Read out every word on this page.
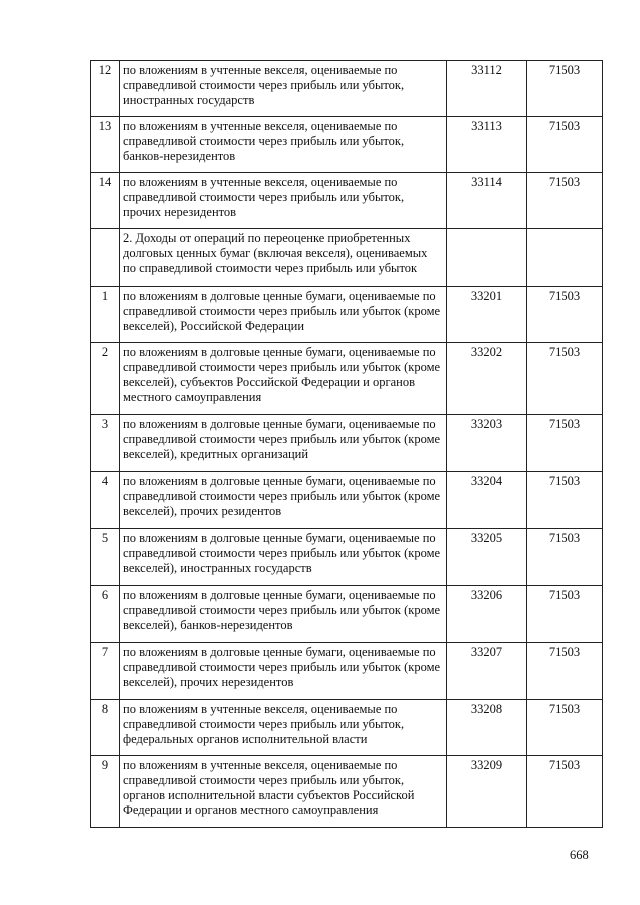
12	по вложениям в учтенные векселя, оцениваемые по справедливой стоимости через прибыль или убыток, иностранных государств	33112	71503
13	по вложениям в учтенные векселя, оцениваемые по справедливой стоимости через прибыль или убыток, банков-нерезидентов	33113	71503
14	по вложениям в учтенные векселя, оцениваемые по справедливой стоимости через прибыль или убыток, прочих нерезидентов	33114	71503
	2. Доходы от операций по переоценке приобретенных долговых ценных бумаг (включая векселя), оцениваемых по справедливой стоимости через прибыль или убыток		
1	по вложениям в долговые ценные бумаги, оцениваемые по справедливой стоимости через прибыль или убыток (кроме векселей), Российской Федерации	33201	71503
2	по вложениям в долговые ценные бумаги, оцениваемые по справедливой стоимости через прибыль или убыток (кроме векселей), субъектов Российской Федерации и органов местного самоуправления	33202	71503
3	по вложениям в долговые ценные бумаги, оцениваемые по справедливой стоимости через прибыль или убыток (кроме векселей), кредитных организаций	33203	71503
4	по вложениям в долговые ценные бумаги, оцениваемые по справедливой стоимости через прибыль или убыток (кроме векселей), прочих резидентов	33204	71503
5	по вложениям в долговые ценные бумаги, оцениваемые по справедливой стоимости через прибыль или убыток (кроме векселей), иностранных государств	33205	71503
6	по вложениям в долговые ценные бумаги, оцениваемые по справедливой стоимости через прибыль или убыток (кроме векселей), банков-нерезидентов	33206	71503
7	по вложениям в долговые ценные бумаги, оцениваемые по справедливой стоимости через прибыль или убыток (кроме векселей), прочих нерезидентов	33207	71503
8	по вложениям в учтенные векселя, оцениваемые по справедливой стоимости через прибыль или убыток, федеральных органов исполнительной власти	33208	71503
9	по вложениям в учтенные векселя, оцениваемые по справедливой стоимости через прибыль или убыток, органов исполнительной власти субъектов Российской Федерации и органов местного самоуправления	33209	71503
668
